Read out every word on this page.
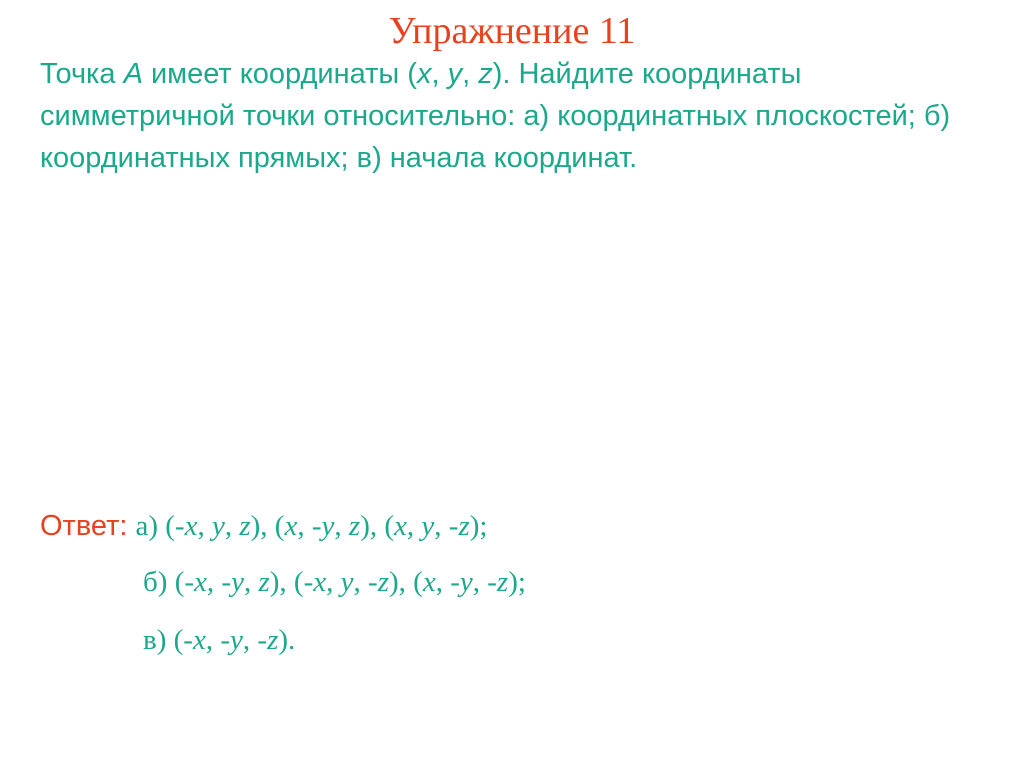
Упражнение 11
Точка A имеет координаты (x, y, z). Найдите координаты симметричной точки относительно: а) координатных плоскостей; б) координатных прямых; в) начала координат.
Ответ: а) (-x, y, z), (x, -y, z), (x, y, -z);
б) (-x, -y, z), (-x, y, -z), (x, -y, -z);
в) (-x, -y, -z).
